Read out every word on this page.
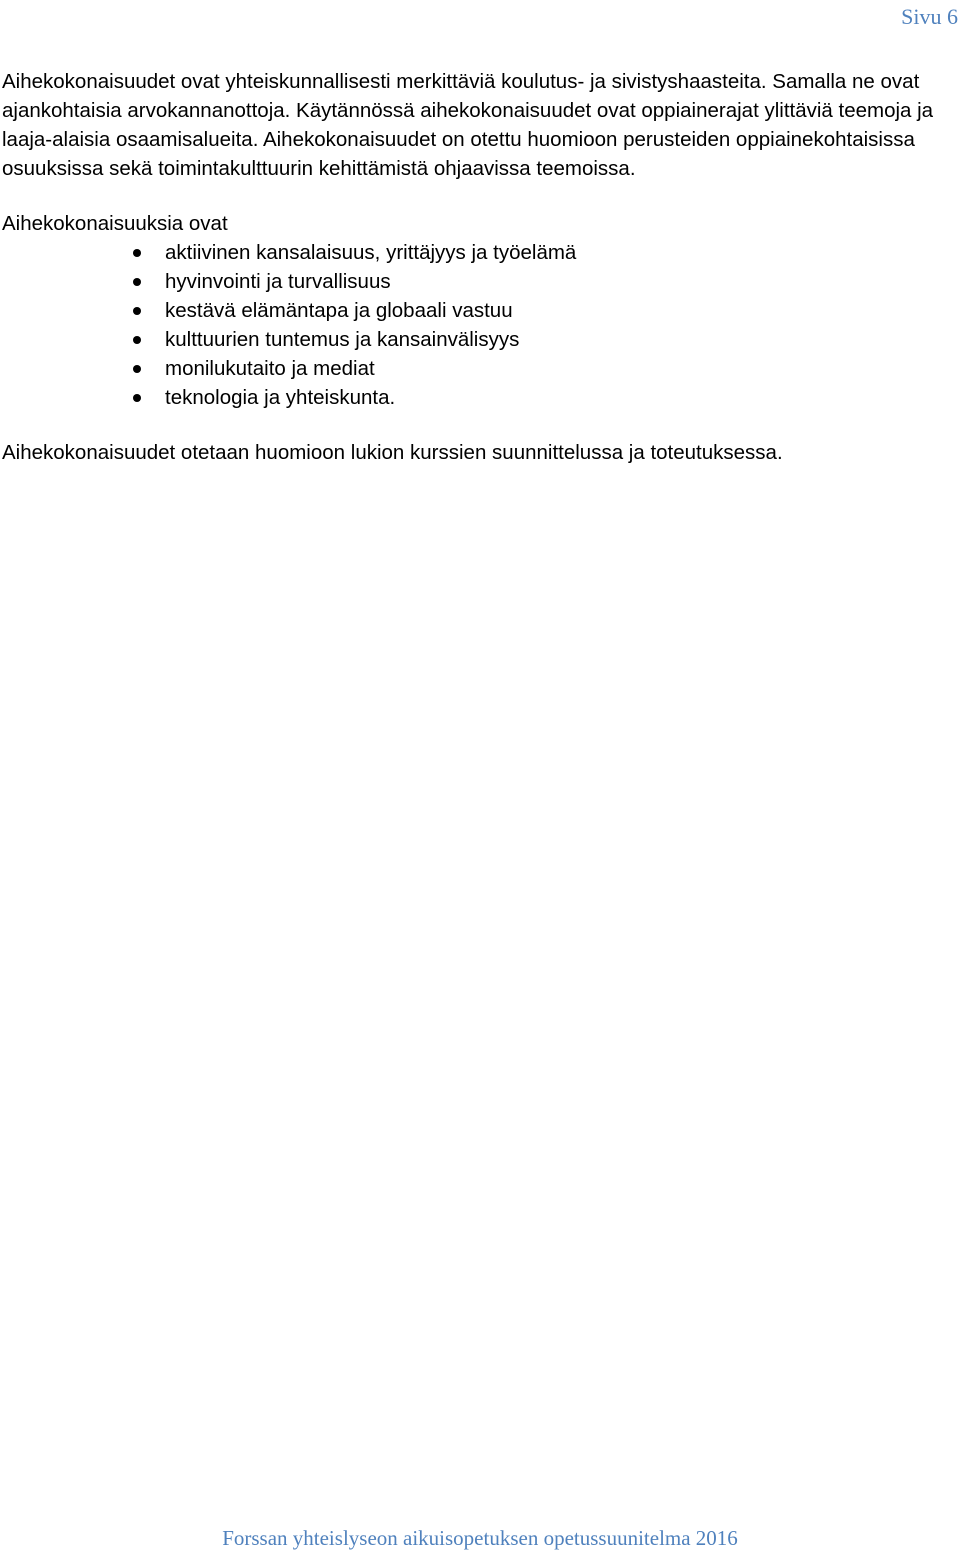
Sivu 6

Aihekokonaisuudet ovat yhteiskunnallisesti merkittäviä koulutus- ja sivistyshaasteita. Samalla ne ovat ajankohtaisia arvokannanottoja. Käytännössä aihekokonaisuudet ovat oppiainerajat ylittäviä teemoja ja laaja-alaisia osaamisalueita. Aihekokonaisuudet on otettu huomioon perusteiden oppiainekohtaisissa osuuksissa sekä toimintakulttuurin kehittämistä ohjaavissa teemoissa.

Aihekokonaisuuksia ovat

aktiivinen kansalaisuus, yrittäjyys ja työelämä
hyvinvointi ja turvallisuus
kestävä elämäntapa ja globaali vastuu
kulttuurien tuntemus ja kansainvälisyys
monilukutaito ja mediat
teknologia ja yhteiskunta.

Aihekokonaisuudet otetaan huomioon lukion kurssien suunnittelussa ja toteutuksessa.

Forssan yhteislyseon aikuisopetuksen opetussuunitelma 2016
